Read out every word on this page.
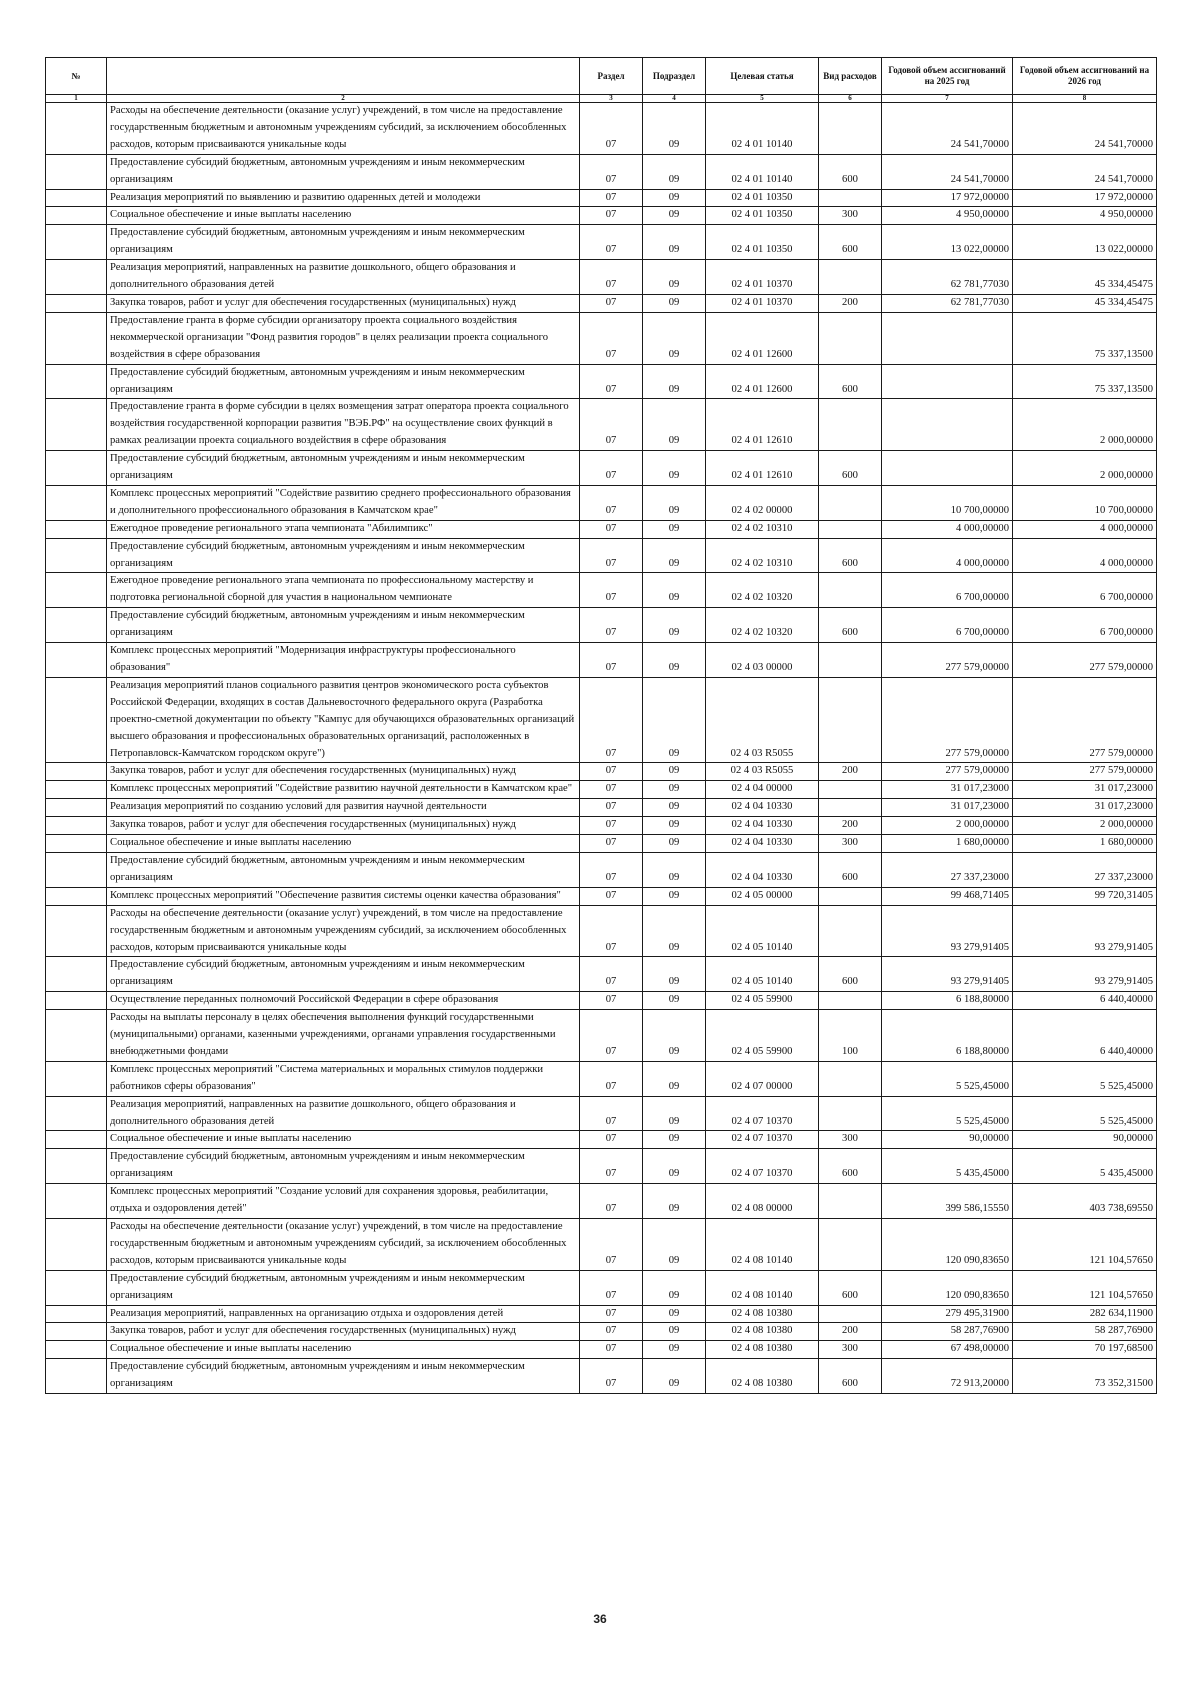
№		Раздел	Подраздел	Целевая статья	Вид расходов	Годовой объем ассигнований на 2025 год	Годовой объем ассигнований на 2026 год
1	2	3	4	5	6	7	8
	Расходы на обеспечение деятельности (оказание услуг) учреждений, в том числе на предоставление государственным бюджетным и автономным учреждениям субсидий, за исключением обособленных расходов, которым присваиваются уникальные коды	07	09	02 4 01 10140		24 541,70000	24 541,70000
	Предоставление субсидий бюджетным, автономным учреждениям и иным некоммерческим организациям	07	09	02 4 01 10140	600	24 541,70000	24 541,70000
	Реализация мероприятий по выявлению и развитию одаренных детей и молодежи	07	09	02 4 01 10350		17 972,00000	17 972,00000
	Социальное обеспечение и иные выплаты населению	07	09	02 4 01 10350	300	4 950,00000	4 950,00000
	Предоставление субсидий бюджетным, автономным учреждениям и иным некоммерческим организациям	07	09	02 4 01 10350	600	13 022,00000	13 022,00000
	Реализация мероприятий, направленных на развитие дошкольного, общего образования и дополнительного образования детей	07	09	02 4 01 10370		62 781,77030	45 334,45475
	Закупка товаров, работ и услуг для обеспечения государственных (муниципальных) нужд	07	09	02 4 01 10370	200	62 781,77030	45 334,45475
	Предоставление гранта в форме субсидии организатору проекта социального воздействия некоммерческой организации "Фонд развития городов" в целях реализации проекта социального воздействия в сфере образования	07	09	02 4 01 12600			75 337,13500
	Предоставление субсидий бюджетным, автономным учреждениям и иным некоммерческим организациям	07	09	02 4 01 12600	600		75 337,13500
	Предоставление гранта в форме субсидии в целях возмещения затрат оператора проекта социального воздействия государственной корпорации развития "ВЭБ.РФ" на осуществление своих функций в рамках реализации проекта социального воздействия в сфере образования	07	09	02 4 01 12610			2 000,00000
	Предоставление субсидий бюджетным, автономным учреждениям и иным некоммерческим организациям	07	09	02 4 01 12610	600		2 000,00000
	Комплекс процессных мероприятий "Содействие развитию среднего профессионального образования и дополнительного профессионального образования в Камчатском крае"	07	09	02 4 02 00000		10 700,00000	10 700,00000
	Ежегодное проведение регионального этапа чемпионата "Абилимпикс"	07	09	02 4 02 10310		4 000,00000	4 000,00000
	Предоставление субсидий бюджетным, автономным учреждениям и иным некоммерческим организациям	07	09	02 4 02 10310	600	4 000,00000	4 000,00000
	Ежегодное проведение регионального этапа чемпионата по профессиональному мастерству и подготовка региональной сборной для участия в национальном чемпионате	07	09	02 4 02 10320		6 700,00000	6 700,00000
	Предоставление субсидий бюджетным, автономным учреждениям и иным некоммерческим организациям	07	09	02 4 02 10320	600	6 700,00000	6 700,00000
	Комплекс процессных мероприятий "Модернизация инфраструктуры профессионального образования"	07	09	02 4 03 00000		277 579,00000	277 579,00000
	Реализация мероприятий планов социального развития центров экономического роста субъектов Российской Федерации, входящих в состав Дальневосточного федерального округа (Разработка проектно-сметной документации по объекту "Кампус для обучающихся образовательных организаций высшего образования и профессиональных образовательных организаций, расположенных в Петропавловск-Камчатском городском округе")	07	09	02 4 03 R5055		277 579,00000	277 579,00000
	Закупка товаров, работ и услуг для обеспечения государственных (муниципальных) нужд	07	09	02 4 03 R5055	200	277 579,00000	277 579,00000
	Комплекс процессных мероприятий "Содействие развитию научной деятельности в Камчатском крае"	07	09	02 4 04 00000		31 017,23000	31 017,23000
	Реализация мероприятий по созданию условий для развития научной деятельности	07	09	02 4 04 10330		31 017,23000	31 017,23000
	Закупка товаров, работ и услуг для обеспечения государственных (муниципальных) нужд	07	09	02 4 04 10330	200	2 000,00000	2 000,00000
	Социальное обеспечение и иные выплаты населению	07	09	02 4 04 10330	300	1 680,00000	1 680,00000
	Предоставление субсидий бюджетным, автономным учреждениям и иным некоммерческим организациям	07	09	02 4 04 10330	600	27 337,23000	27 337,23000
	Комплекс процессных мероприятий "Обеспечение развития системы оценки качества образования"	07	09	02 4 05 00000		99 468,71405	99 720,31405
	Расходы на обеспечение деятельности (оказание услуг) учреждений, в том числе на предоставление государственным бюджетным и автономным учреждениям субсидий, за исключением обособленных расходов, которым присваиваются уникальные коды	07	09	02 4 05 10140		93 279,91405	93 279,91405
	Предоставление субсидий бюджетным, автономным учреждениям и иным некоммерческим организациям	07	09	02 4 05 10140	600	93 279,91405	93 279,91405
	Осуществление переданных полномочий Российской Федерации в сфере образования	07	09	02 4 05 59900		6 188,80000	6 440,40000
	Расходы на выплаты персоналу в целях обеспечения выполнения функций государственными (муниципальными) органами, казенными учреждениями, органами управления государственными внебюджетными фондами	07	09	02 4 05 59900	100	6 188,80000	6 440,40000
	Комплекс процессных мероприятий "Система материальных и моральных стимулов поддержки работников сферы образования"	07	09	02 4 07 00000		5 525,45000	5 525,45000
	Реализация мероприятий, направленных на развитие дошкольного, общего образования и дополнительного образования детей	07	09	02 4 07 10370		5 525,45000	5 525,45000
	Социальное обеспечение и иные выплаты населению	07	09	02 4 07 10370	300	90,00000	90,00000
	Предоставление субсидий бюджетным, автономным учреждениям и иным некоммерческим организациям	07	09	02 4 07 10370	600	5 435,45000	5 435,45000
	Комплекс процессных мероприятий "Создание условий для сохранения здоровья, реабилитации, отдыха и оздоровления детей"	07	09	02 4 08 00000		399 586,15550	403 738,69550
	Расходы на обеспечение деятельности (оказание услуг) учреждений, в том числе на предоставление государственным бюджетным и автономным учреждениям субсидий, за исключением обособленных расходов, которым присваиваются уникальные коды	07	09	02 4 08 10140		120 090,83650	121 104,57650
	Предоставление субсидий бюджетным, автономным учреждениям и иным некоммерческим организациям	07	09	02 4 08 10140	600	120 090,83650	121 104,57650
	Реализация мероприятий, направленных на организацию отдыха и оздоровления детей	07	09	02 4 08 10380		279 495,31900	282 634,11900
	Закупка товаров, работ и услуг для обеспечения государственных (муниципальных) нужд	07	09	02 4 08 10380	200	58 287,76900	58 287,76900
	Социальное обеспечение и иные выплаты населению	07	09	02 4 08 10380	300	67 498,00000	70 197,68500
	Предоставление субсидий бюджетным, автономным учреждениям и иным некоммерческим организациям	07	09	02 4 08 10380	600	72 913,20000	73 352,31500
36
